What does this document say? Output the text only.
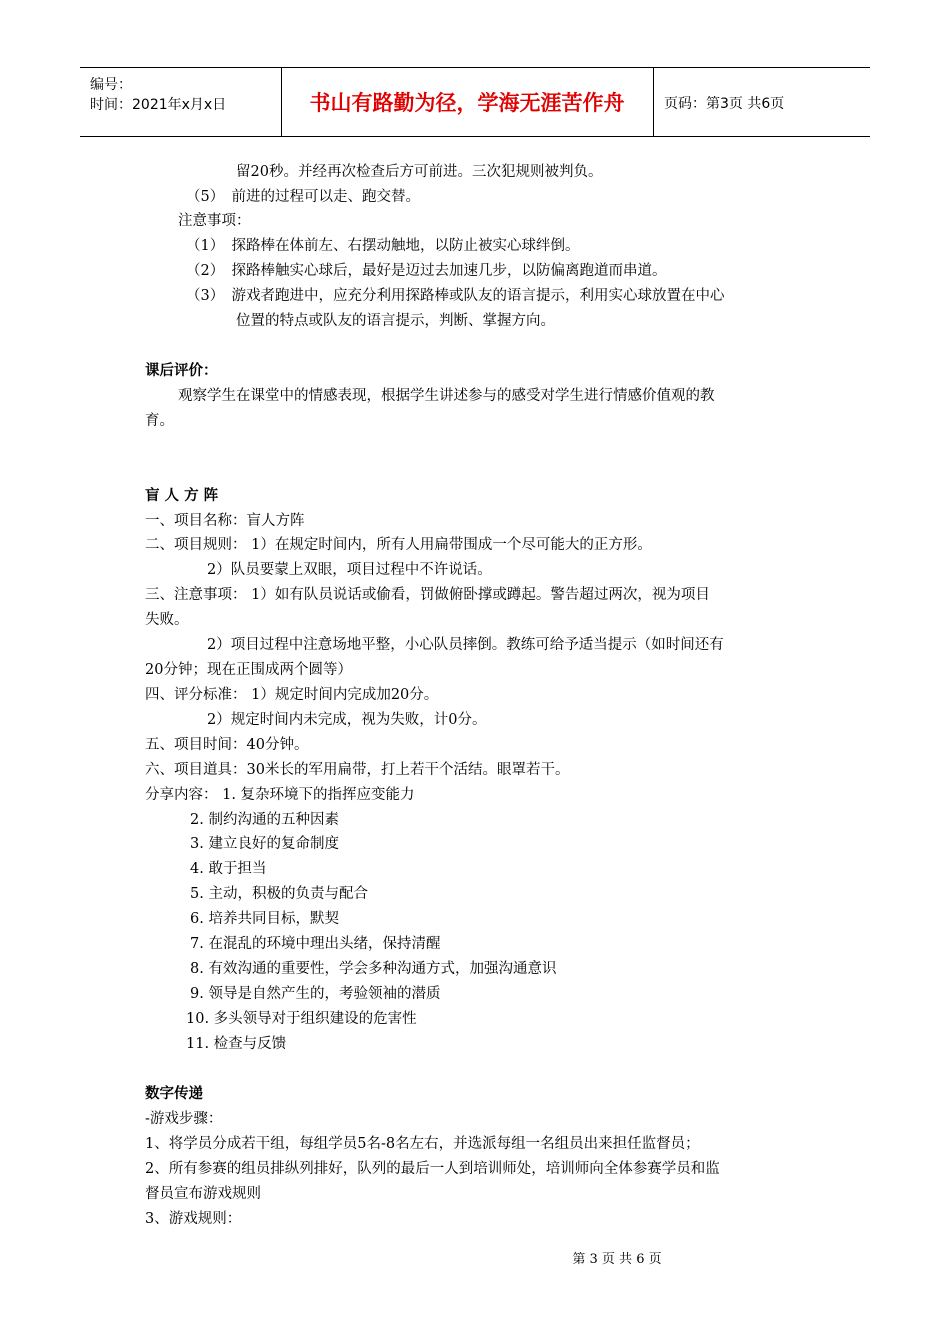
编号：
时间：2021年x月x日	书山有路勤为径，学海无涯苦作舟	页码：第3页 共6页
留20秒。并经再次检查后方可前进。三次犯规则被判负。
（5）　前进的过程可以走、跑交替。
注意事项：
（1）　探路棒在体前左、右摆动触地，以防止被实心球绊倒。
（2）　探路棒触实心球后，最好是迈过去加速几步，以防偏离跑道而串道。
（3）　游戏者跑进中，应充分利用探路棒或队友的语言提示，利用实心球放置在中心
位置的特点或队友的语言提示，判断、掌握方向。
课后评价：
观察学生在课堂中的情感表现，根据学生讲述参与的感受对学生进行情感价值观的教
育。
盲 人 方 阵
一、项目名称：盲人方阵
二、项目规则： 1）在规定时间内，所有人用扁带围成一个尽可能大的正方形。
2）队员要蒙上双眼，项目过程中不许说话。
三、注意事项： 1）如有队员说话或偷看，罚做俯卧撑或蹲起。警告超过两次，视为项目
失败。
2）项目过程中注意场地平整，小心队员摔倒。教练可给予适当提示（如时间还有
20分钟；现在正围成两个圆等）
四、评分标准： 1）规定时间内完成加20分。
2）规定时间内未完成，视为失败，计0分。
五、项目时间：40分钟。
六、项目道具：30米长的军用扁带，打上若干个活结。眼罩若干。
分享内容： 1. 复杂环境下的指挥应变能力
2. 制约沟通的五种因素
3. 建立良好的复命制度
4. 敢于担当
5. 主动，积极的负责与配合
6. 培养共同目标，默契
7. 在混乱的环境中理出头绪，保持清醒
8. 有效沟通的重要性，学会多种沟通方式，加强沟通意识
9. 领导是自然产生的，考验领袖的潜质
10. 多头领导对于组织建设的危害性
11. 检查与反馈
数字传递
-游戏步骤：
1、将学员分成若干组，每组学员5名-8名左右，并选派每组一名组员出来担任监督员；
2、所有参赛的组员排纵列排好，队列的最后一人到培训师处，培训师向全体参赛学员和监
督员宣布游戏规则
3、游戏规则：
第 3 页 共 6 页
